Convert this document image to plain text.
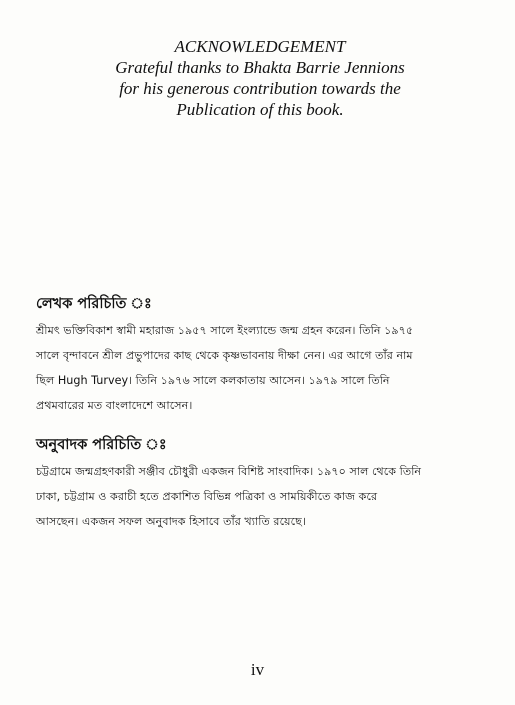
ACKNOWLEDGEMENT
Grateful thanks to Bhakta Barrie Jennions
for his generous contribution towards the
Publication of this book.
লেখক পরিচিতি ঃ
শ্রীমৎ ভক্তিবিকাশ স্বামী মহারাজ ১৯৫৭ সালে ইংল্যান্ডে জন্ম গ্রহন করেন। তিনি ১৯৭৫
সালে বৃন্দাবনে শ্রীল প্রভুপাদের কাছ থেকে কৃষ্ণভাবনায় দীক্ষা নেন। এর আগে তাঁর নাম
ছিল Hugh Turvey। তিনি ১৯৭৬ সালে কলকাতায় আসেন। ১৯৭৯ সালে তিনি
প্রথমবারের মত বাংলাদেশে আসেন।
অনুবাদক পরিচিতি ঃ
চট্টগ্রামে জন্মগ্রহণকারী সঞ্জীব চৌধুরী একজন বিশিষ্ট সাংবাদিক। ১৯৭০ সাল থেকে তিনি
ঢাকা, চট্টগ্রাম ও করাচী হতে প্রকাশিত বিভিন্ন পত্রিকা ও সাময়িকীতে কাজ করে
আসছেন। একজন সফল অনুবাদক হিসাবে তাঁর খ্যাতি রয়েছে।
iv
